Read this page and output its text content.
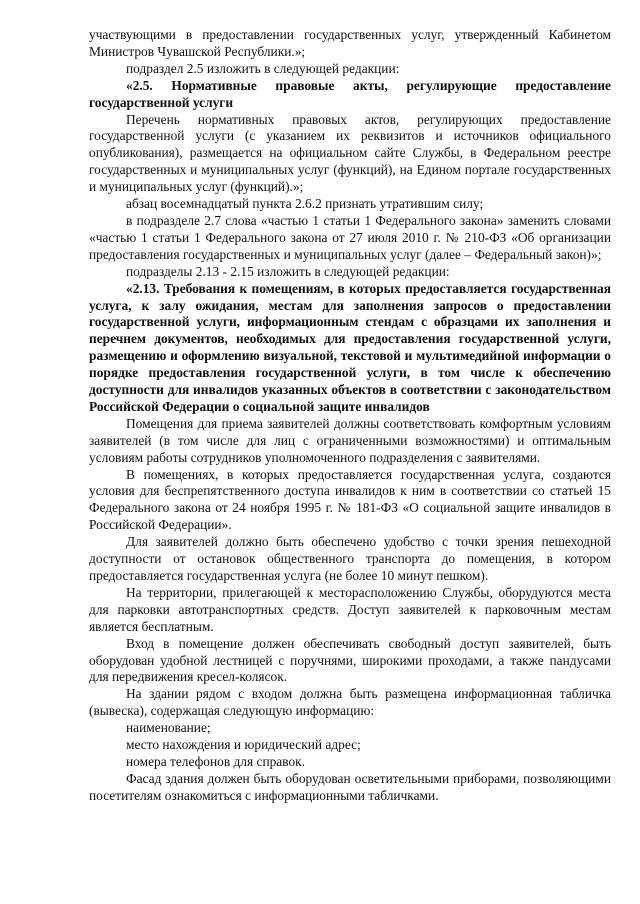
участвующими в предоставлении государственных услуг, утвержденный Кабинетом Министров Чувашской Республики.»;

подраздел 2.5 изложить в следующей редакции:

«2.5. Нормативные правовые акты, регулирующие предоставление государственной услуги

Перечень нормативных правовых актов, регулирующих предоставление государственной услуги (с указанием их реквизитов и источников официального опубликования), размещается на официальном сайте Службы, в Федеральном реестре государственных и муниципальных услуг (функций), на Едином портале государственных и муниципальных услуг (функций).»;

абзац восемнадцатый пункта 2.6.2 признать утратившим силу;

в подразделе 2.7 слова «частью 1 статьи 1 Федерального закона» заменить словами «частью 1 статьи 1 Федерального закона от 27 июля 2010 г. № 210-ФЗ «Об организации предоставления государственных и муниципальных услуг (далее – Федеральный закон)»;

подразделы 2.13 - 2.15 изложить в следующей редакции:

«2.13. Требования к помещениям, в которых предоставляется государственная услуга, к залу ожидания, местам для заполнения запросов о предоставлении государственной услуги, информационным стендам с образцами их заполнения и перечнем документов, необходимых для предоставления государственной услуги, размещению и оформлению визуальной, текстовой и мультимедийной информации о порядке предоставления государственной услуги, в том числе к обеспечению доступности для инвалидов указанных объектов в соответствии с законодательством Российской Федерации о социальной защите инвалидов

Помещения для приема заявителей должны соответствовать комфортным условиям заявителей (в том числе для лиц с ограниченными возможностями) и оптимальным условиям работы сотрудников уполномоченного подразделения с заявителями.

В помещениях, в которых предоставляется государственная услуга, создаются условия для беспрепятственного доступа инвалидов к ним в соответствии со статьей 15 Федерального закона от 24 ноября 1995 г. № 181-ФЗ «О социальной защите инвалидов в Российской Федерации».

Для заявителей должно быть обеспечено удобство с точки зрения пешеходной доступности от остановок общественного транспорта до помещения, в котором предоставляется государственная услуга (не более 10 минут пешком).

На территории, прилегающей к месторасположению Службы, оборудуются места для парковки автотранспортных средств. Доступ заявителей к парковочным местам является бесплатным.

Вход в помещение должен обеспечивать свободный доступ заявителей, быть оборудован удобной лестницей с поручнями, широкими проходами, а также пандусами для передвижения кресел-колясок.

На здании рядом с входом должна быть размещена информационная табличка (вывеска), содержащая следующую информацию:

наименование;

место нахождения и юридический адрес;

номера телефонов для справок.

Фасад здания должен быть оборудован осветительными приборами, позволяющими посетителям ознакомиться с информационными табличками.
